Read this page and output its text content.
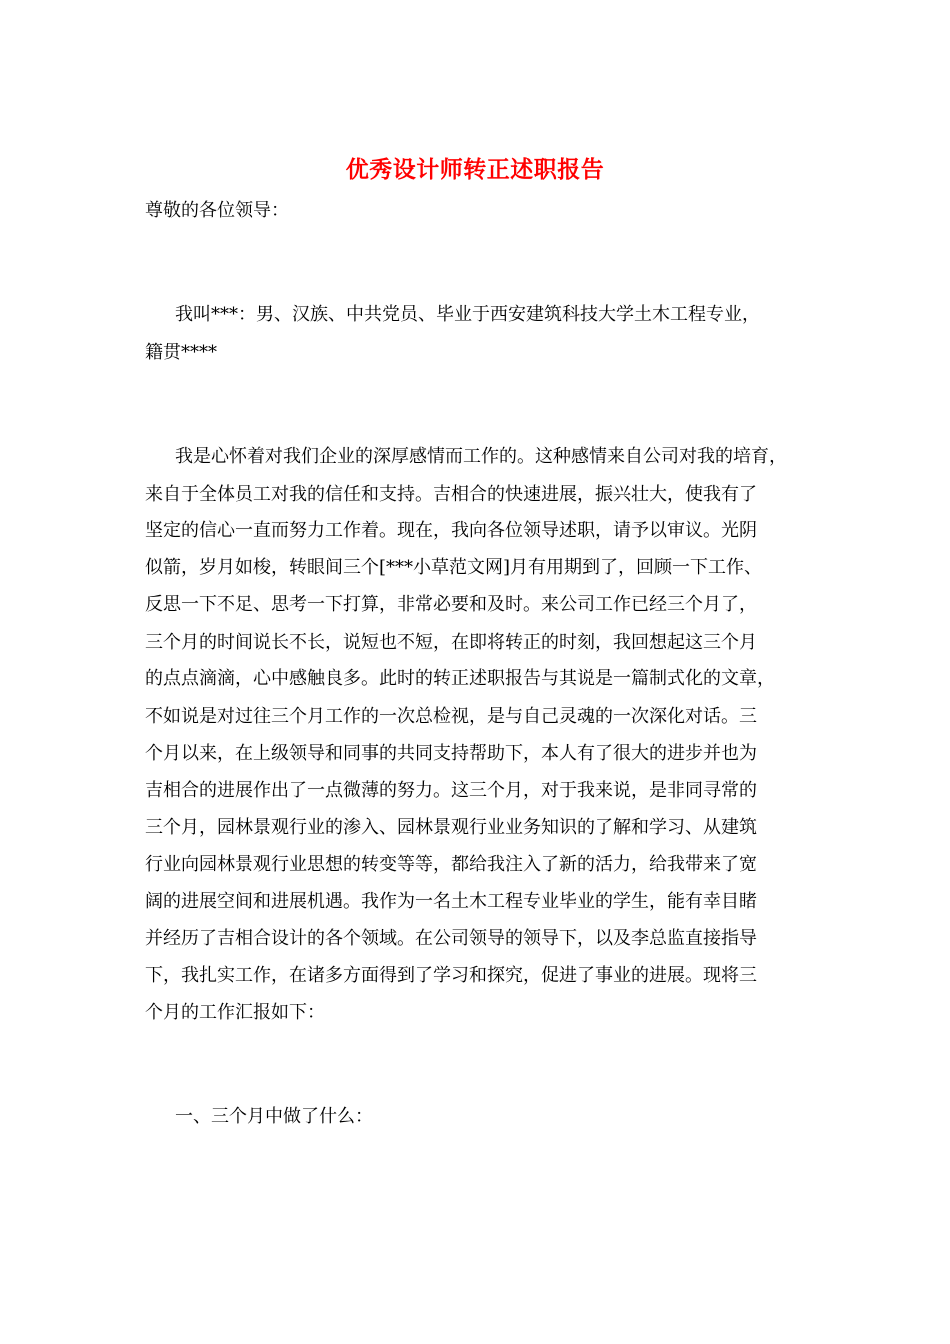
优秀设计师转正述职报告
尊敬的各位领导：
我叫***：男、汉族、中共党员、毕业于西安建筑科技大学土木工程专业，
籍贯****
我是心怀着对我们企业的深厚感情而工作的。这种感情来自公司对我的培育，
来自于全体员工对我的信任和支持。吉相合的快速进展，振兴壮大，使我有了
坚定的信心一直而努力工作着。现在，我向各位领导述职，请予以审议。光阴
似箭，岁月如梭，转眼间三个[***小草范文网]月有用期到了，回顾一下工作、
反思一下不足、思考一下打算，非常必要和及时。来公司工作已经三个月了，
三个月的时间说长不长，说短也不短，在即将转正的时刻，我回想起这三个月
的点点滴滴，心中感触良多。此时的转正述职报告与其说是一篇制式化的文章，
不如说是对过往三个月工作的一次总检视，是与自己灵魂的一次深化对话。三
个月以来，在上级领导和同事的共同支持帮助下，本人有了很大的进步并也为
吉相合的进展作出了一点微薄的努力。这三个月，对于我来说，是非同寻常的
三个月，园林景观行业的渗入、园林景观行业业务知识的了解和学习、从建筑
行业向园林景观行业思想的转变等等，都给我注入了新的活力，给我带来了宽
阔的进展空间和进展机遇。我作为一名土木工程专业毕业的学生，能有幸目睹
并经历了吉相合设计的各个领域。在公司领导的领导下，以及李总监直接指导
下，我扎实工作，在诸多方面得到了学习和探究，促进了事业的进展。现将三
个月的工作汇报如下：
一、三个月中做了什么：
